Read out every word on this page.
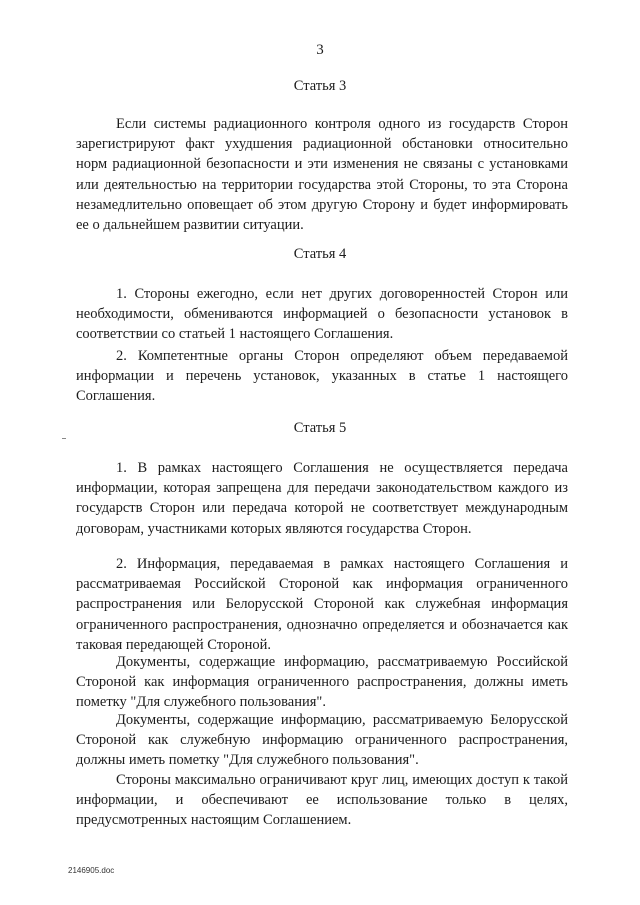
3
Статья 3

Если системы радиационного контроля одного из государств Сторон зарегистрируют факт ухудшения радиационной обстановки относительно норм радиационной безопасности и эти изменения не связаны с установками или деятельностью на территории государства этой Стороны, то эта Сторона незамедлительно оповещает об этом другую Сторону и будет информировать ее о дальнейшем развитии ситуации.

Статья 4

1. Стороны ежегодно, если нет других договоренностей Сторон или необходимости, обмениваются информацией о безопасности установок в соответствии со статьей 1 настоящего Соглашения.

2. Компетентные органы Сторон определяют объем передаваемой информации и перечень установок, указанных в статье 1 настоящего Соглашения.

Статья 5

1. В рамках настоящего Соглашения не осуществляется передача информации, которая запрещена для передачи законодательством каждого из государств Сторон или передача которой не соответствует международным договорам, участниками которых являются государства Сторон.

2. Информация, передаваемая в рамках настоящего Соглашения и рассматриваемая Российской Стороной как информация ограниченного распространения или Белорусской Стороной как служебная информация ограниченного распространения, однозначно определяется и обозначается как таковая передающей Стороной.

Документы, содержащие информацию, рассматриваемую Российской Стороной как информация ограниченного распространения, должны иметь пометку "Для служебного пользования".

Документы, содержащие информацию, рассматриваемую Белорусской Стороной как служебную информацию ограниченного распространения, должны иметь пометку "Для служебного пользования".

Стороны максимально ограничивают круг лиц, имеющих доступ к такой информации, и обеспечивают ее использование только в целях, предусмотренных настоящим Соглашением.

2146905.doc
